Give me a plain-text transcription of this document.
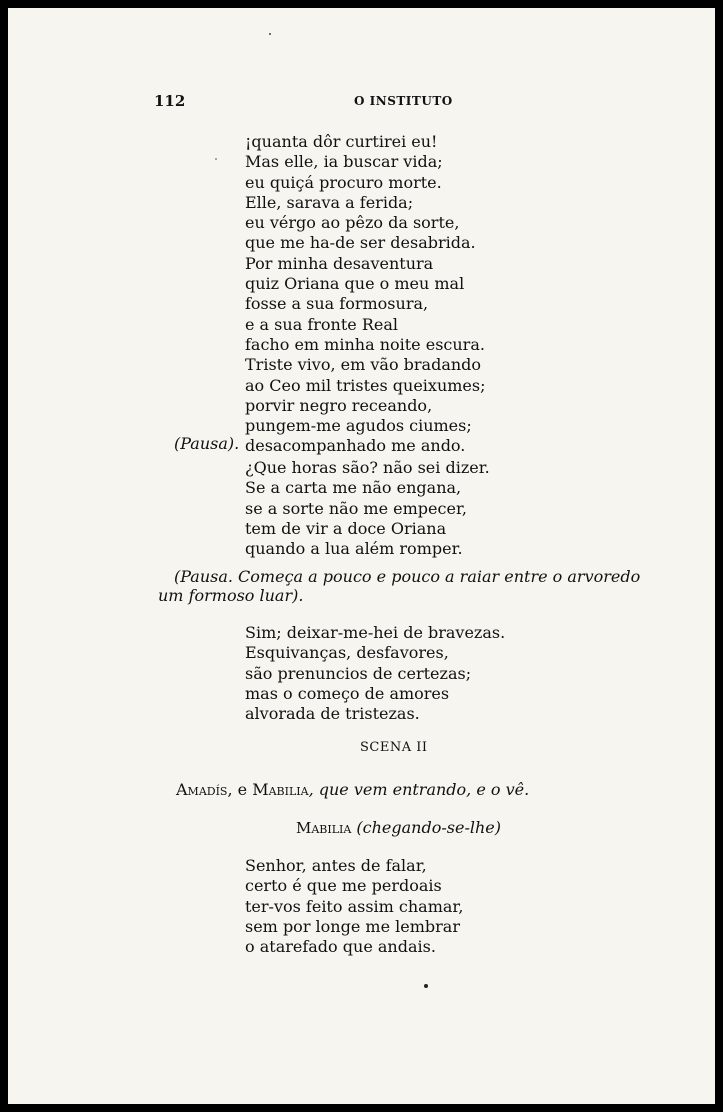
112	O INSTITUTO
¡quanta dôr curtirei eu!
Mas elle, ia buscar vida;
eu quiçá procuro morte.
Elle, sarava a ferida;
eu vérgo ao pêzo da sorte,
que me ha-de ser desabrida.
Por minha desaventura
quiz Oriana que o meu mal
fosse a sua formosura,
e a sua fronte Real
facho em minha noite escura.
Triste vivo, em vão bradando
ao Ceo mil tristes queixumes;
porvir negro receando,
pungem-me agudos ciumes;
desacompanhado me ando.
(Pausa).
¿Que horas são? não sei dizer.
Se a carta me não engana,
se a sorte não me empecer,
tem de vir a doce Oriana
quando a lua além romper.
(Pausa. Começa a pouco e pouco a raiar entre o arvoredo
um formoso luar).
Sim; deixar-me-hei de bravezas.
Esquivanças, desfavores,
são prenuncios de certezas;
mas o começo de amores
alvorada de tristezas.
SCENA II
Amadís, e Mabilia, que vem entrando, e o vê.
Mabilia (chegando-se-lhe)
Senhor, antes de falar,
certo é que me perdoais
ter-vos feito assim chamar,
sem por longe me lembrar
o atarefado que andais.
